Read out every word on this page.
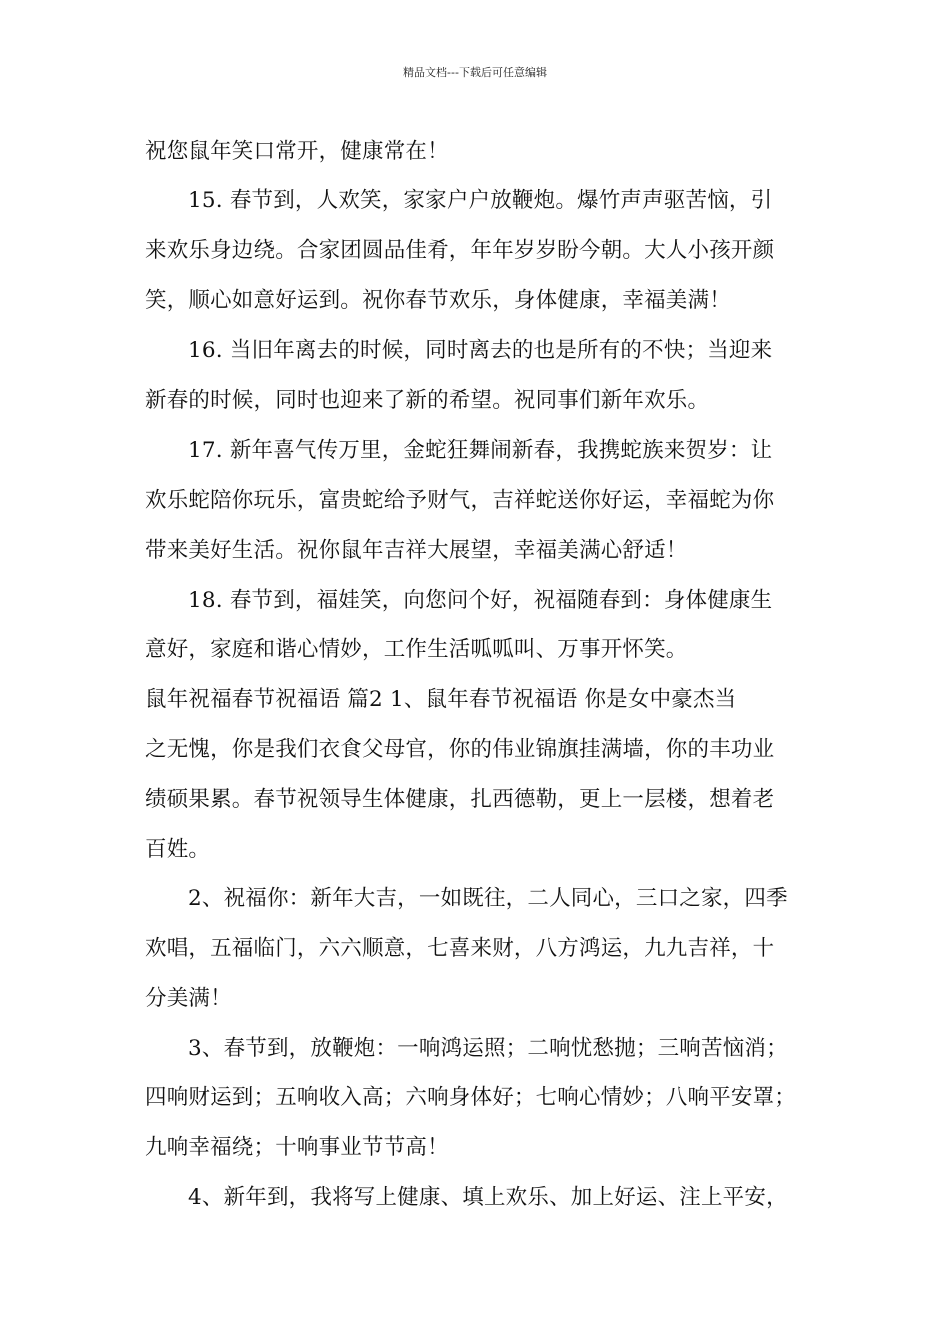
精品文档---下载后可任意编辑
祝您鼠年笑口常开，健康常在！
15. 春节到，人欢笑，家家户户放鞭炮。爆竹声声驱苦恼，引
来欢乐身边绕。合家团圆品佳肴，年年岁岁盼今朝。大人小孩开颜
笑，顺心如意好运到。祝你春节欢乐，身体健康，幸福美满！
16. 当旧年离去的时候，同时离去的也是所有的不快；当迎来
新春的时候，同时也迎来了新的希望。祝同事们新年欢乐。
17. 新年喜气传万里，金蛇狂舞闹新春，我携蛇族来贺岁：让
欢乐蛇陪你玩乐，富贵蛇给予财气，吉祥蛇送你好运，幸福蛇为你
带来美好生活。祝你鼠年吉祥大展望，幸福美满心舒适！
18. 春节到，福娃笑，向您问个好，祝福随春到：身体健康生
意好，家庭和谐心情妙，工作生活呱呱叫、万事开怀笑。
鼠年祝福春节祝福语 篇2 1、鼠年春节祝福语 你是女中豪杰当
之无愧，你是我们衣食父母官，你的伟业锦旗挂满墙，你的丰功业
绩硕果累。春节祝领导生体健康，扎西德勒，更上一层楼，想着老
百姓。
2、祝福你：新年大吉，一如既往，二人同心，三口之家，四季
欢唱，五福临门，六六顺意，七喜来财，八方鸿运，九九吉祥，十
分美满！
3、春节到，放鞭炮：一响鸿运照；二响忧愁抛；三响苦恼消；
四响财运到；五响收入高；六响身体好；七响心情妙；八响平安罩；
九响幸福绕；十响事业节节高！
4、新年到，我将写上健康、填上欢乐、加上好运、注上平安，
